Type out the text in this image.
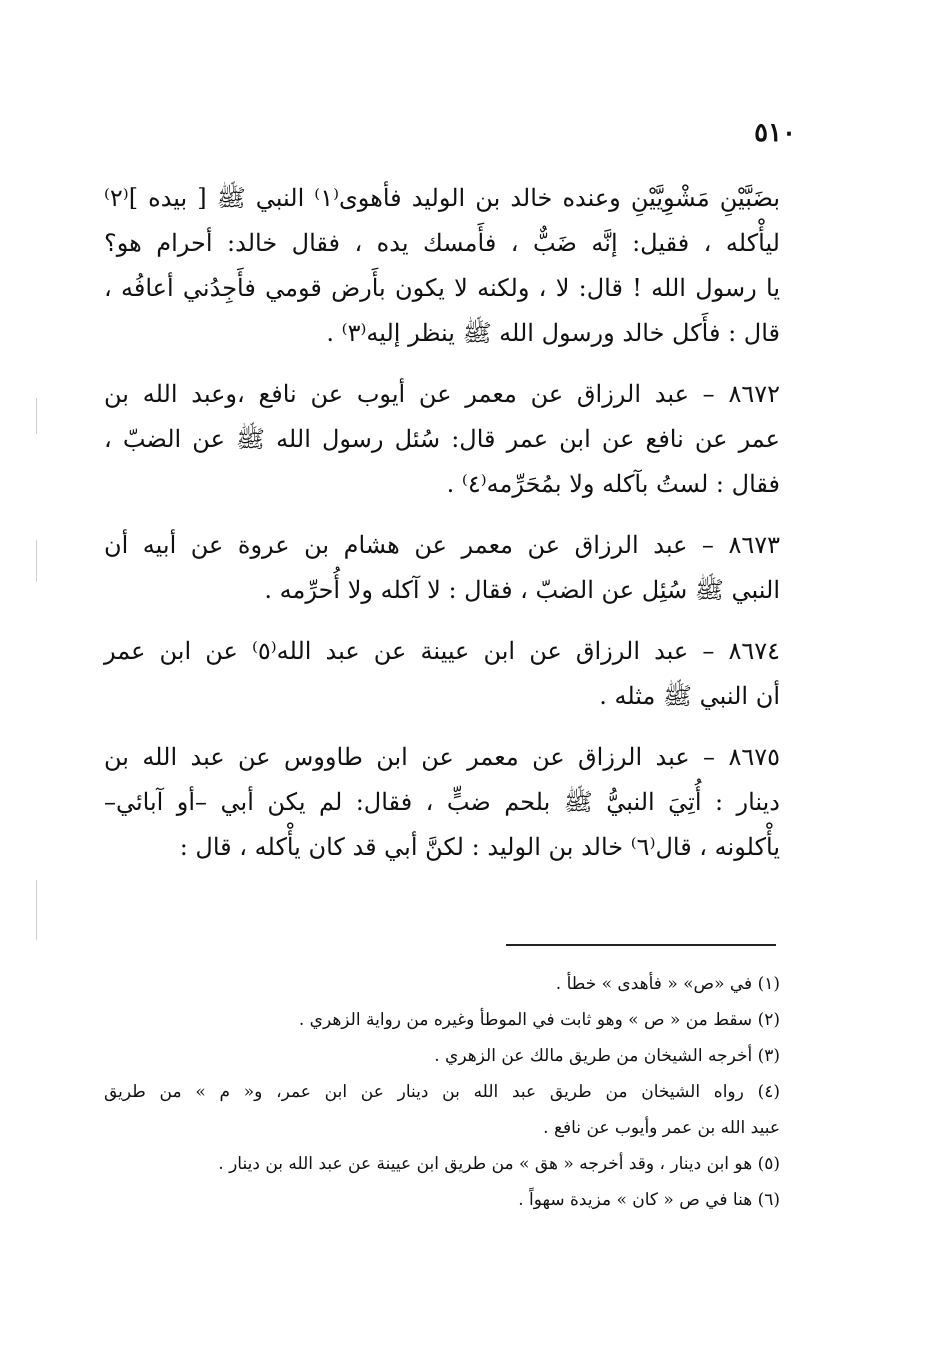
٥١٠
بضَبَّيْنِ مَشْوِيَّيْنِ وعنده خالد بن الوليد فأهوى⁽١⁾ النبي ﷺ [ بيده ]⁽٢⁾
ليأْكله ، فقيل: إنَّه ضَبٌّ ، فأَمسك يده ، فقال خالد: أحرام هو؟
يا رسول الله ! قال: لا ، ولكنه لا يكون بأَرض قومي فأَجِدُني أعافُه ،
قال : فأَكل خالد ورسول الله ﷺ ينظر إليه⁽٣⁾ .
٨٦٧٢ – عبد الرزاق عن معمر عن أيوب عن نافع ،وعبد الله بن
عمر عن نافع عن ابن عمر قال: سُئل رسول الله ﷺ عن الضبّ ،
فقال : لستُ بآكله ولا بمُحَرِّمه⁽٤⁾ .
٨٦٧٣ – عبد الرزاق عن معمر عن هشام بن عروة عن أبيه أن
النبي ﷺ سُئِل عن الضبّ ، فقال : لا آكله ولا أُحرِّمه .
٨٦٧٤ – عبد الرزاق عن ابن عيينة عن عبد الله⁽٥⁾ عن ابن عمر
أن النبي ﷺ مثله .
٨٦٧٥ – عبد الرزاق عن معمر عن ابن طاووس عن عبد الله بن
دينار : أُتِيَ النبيُّ ﷺ بلحم ضبٍّ ، فقال: لم يكن أبي –أو آبائي–
يأْكلونه ، قال⁽٦⁾ خالد بن الوليد : لكنَّ أبي قد كان يأْكله ، قال :
(١) في «ص» « فأهدى » خطأ .
(٢) سقط من « ص » وهو ثابت في الموطأ وغيره من رواية الزهري .
(٣) أخرجه الشيخان من طريق مالك عن الزهري .
(٤) رواه الشيخان من طريق عبد الله بن دينار عن ابن عمر، و« م » من طريق
عبيد الله بن عمر وأيوب عن نافع .
(٥) هو ابن دينار ، وقد أخرجه « هق » من طريق ابن عيينة عن عبد الله بن دينار .
(٦) هنا في ص « كان » مزيدة سهواً .
